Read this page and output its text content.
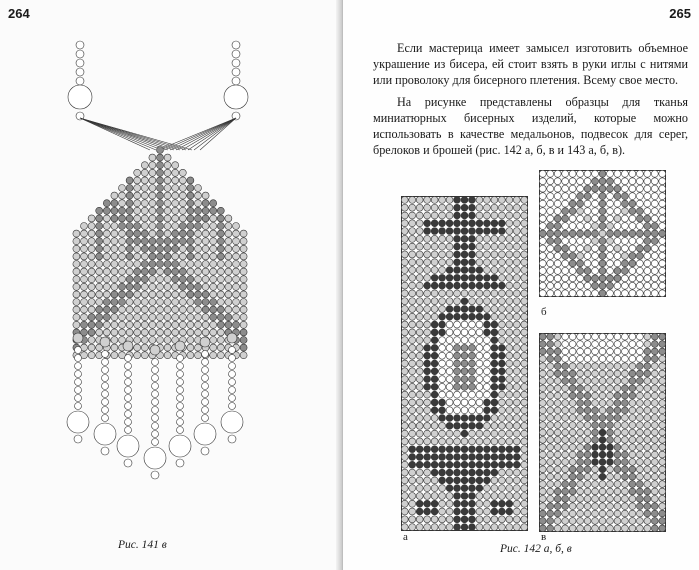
264
Рис. 141 в
265

Если мастерица имеет замысел изготовить объемное украшение из бисера, ей стоит взять в руки иглы с нитями или проволоку для бисерного плетения. Всему свое место.

На рисунке представлены образцы для тканья миниатюрных бисерных изделий, которые можно использовать в качестве медальонов, подвесок для серег, брелоков и брошей (рис. 142 а, б, в и 143 а, б, в).

а
б
в
Рис. 142 а, б, в
